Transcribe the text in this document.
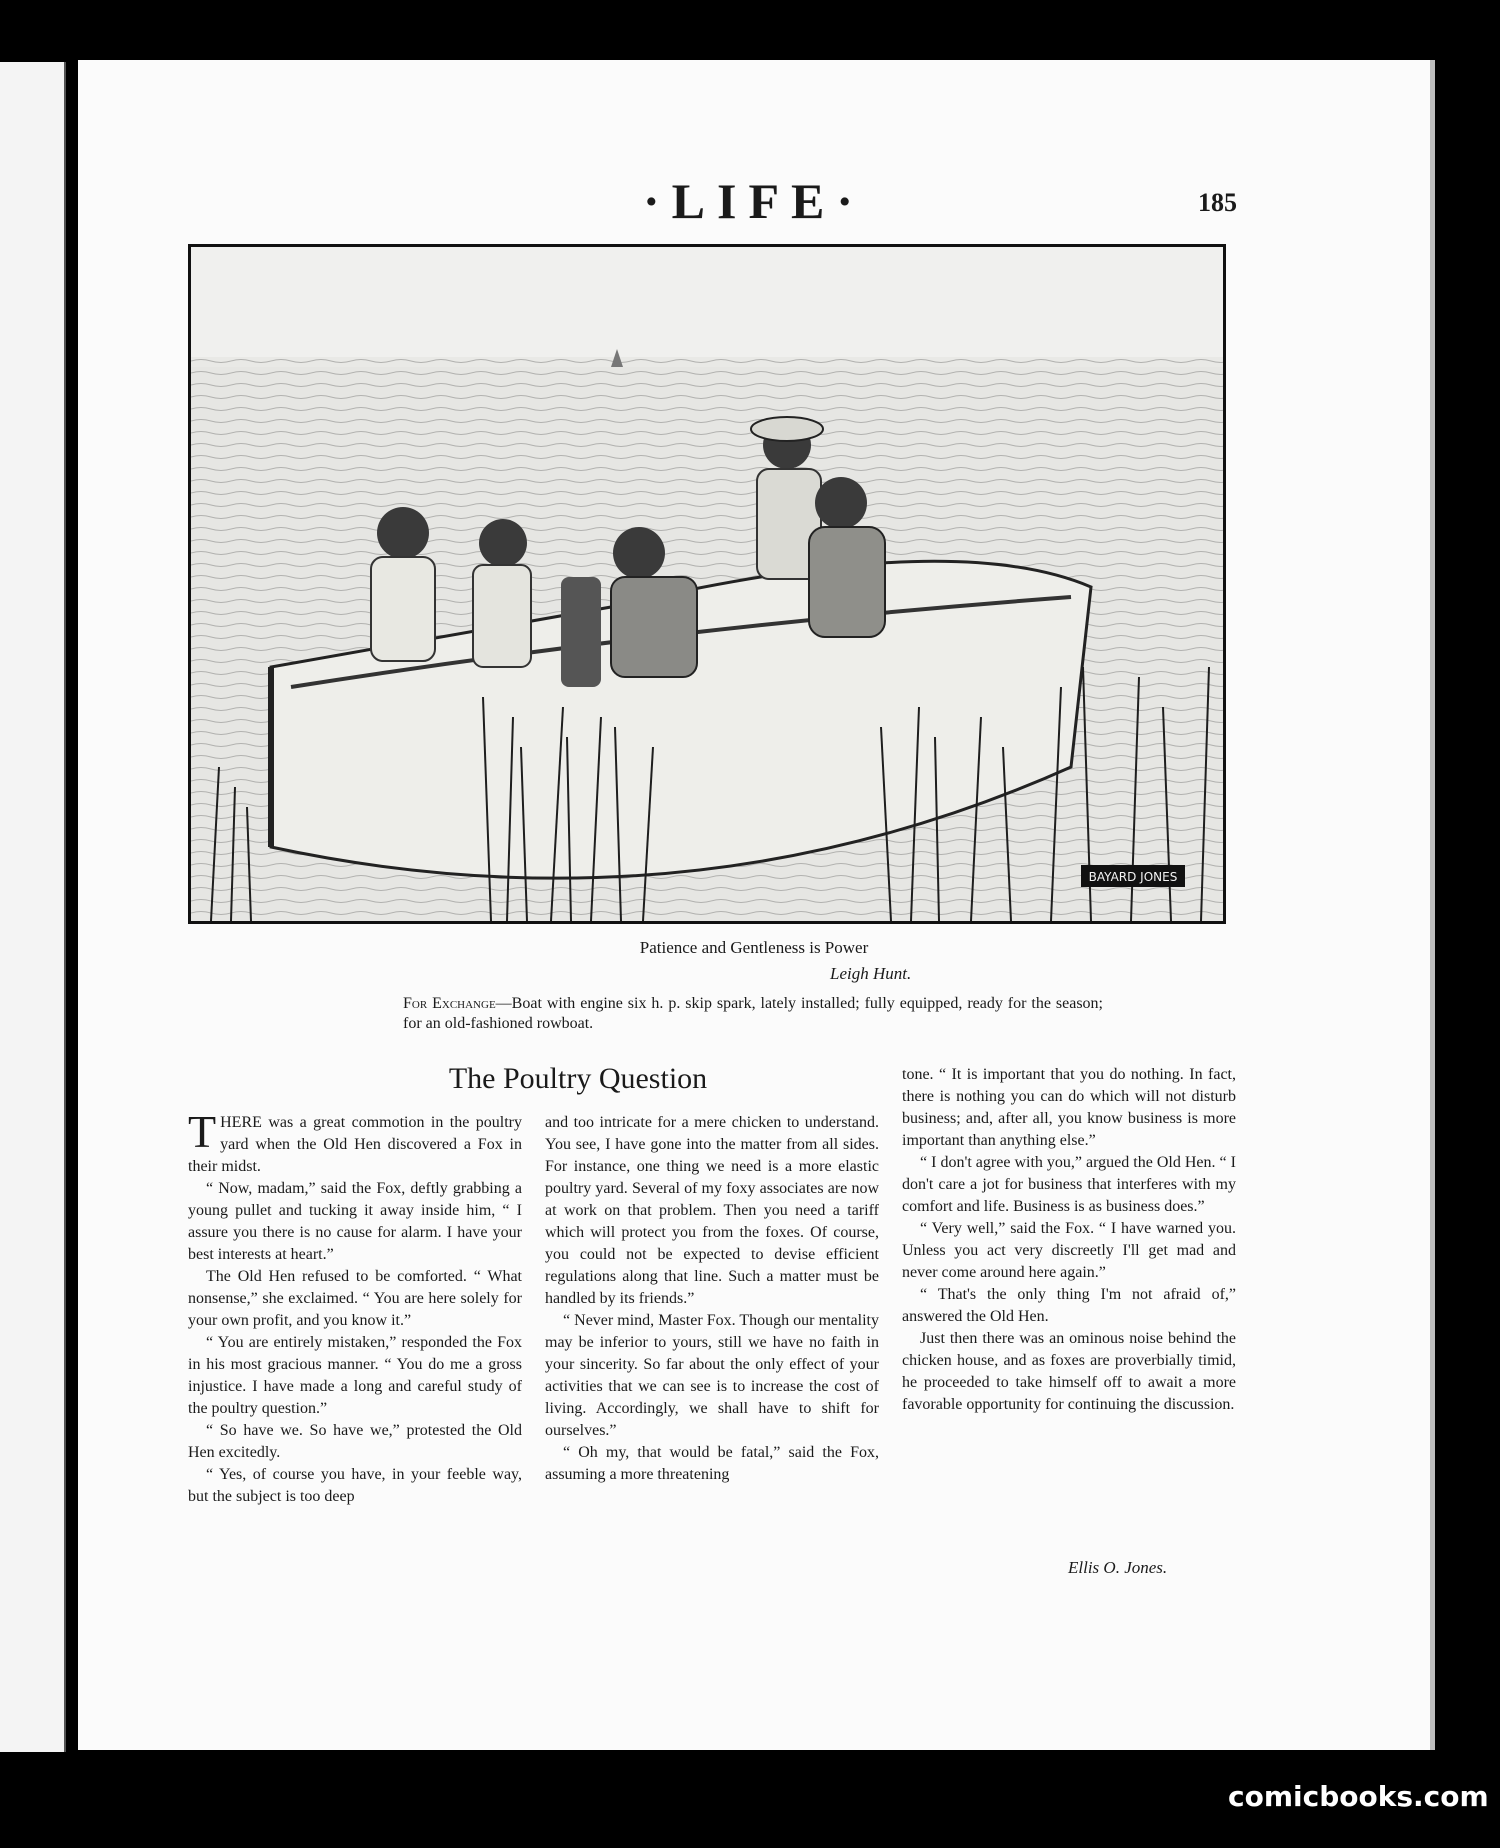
·LIFE·	185
BAYARD JONES
Patience and Gentleness is Power
Leigh Hunt.
For Exchange—Boat with engine six h. p. skip spark, lately installed; fully equipped, ready for the season; for an old-fashioned rowboat.
The Poultry Question

THERE was a great commotion in the poultry yard when the Old Hen discovered a Fox in their midst.

“ Now, madam,” said the Fox, deftly grabbing a young pullet and tucking it away inside him, “ I assure you there is no cause for alarm. I have your best interests at heart.”

The Old Hen refused to be comforted. “ What nonsense,” she exclaimed. “ You are here solely for your own profit, and you know it.”

“ You are entirely mistaken,” responded the Fox in his most gracious manner. “ You do me a gross injustice. I have made a long and careful study of the poultry question.”

“ So have we. So have we,” protested the Old Hen excitedly.

“ Yes, of course you have, in your feeble way, but the subject is too deep

and too intricate for a mere chicken to understand. You see, I have gone into the matter from all sides. For instance, one thing we need is a more elastic poultry yard. Several of my foxy associates are now at work on that problem. Then you need a tariff which will protect you from the foxes. Of course, you could not be expected to devise efficient regulations along that line. Such a matter must be handled by its friends.”

“ Never mind, Master Fox. Though our mentality may be inferior to yours, still we have no faith in your sincerity. So far about the only effect of your activities that we can see is to increase the cost of living. Accordingly, we shall have to shift for ourselves.”

“ Oh my, that would be fatal,” said the Fox, assuming a more threatening

tone. “ It is important that you do nothing. In fact, there is nothing you can do which will not disturb business; and, after all, you know business is more important than anything else.”

“ I don't agree with you,” argued the Old Hen. “ I don't care a jot for business that interferes with my comfort and life. Business is as business does.”

“ Very well,” said the Fox. “ I have warned you. Unless you act very discreetly I'll get mad and never come around here again.”

“ That's the only thing I'm not afraid of,” answered the Old Hen.

Just then there was an ominous noise behind the chicken house, and as foxes are proverbially timid, he proceeded to take himself off to await a more favorable opportunity for continuing the discussion.

Ellis O. Jones.
comicbooks.com
